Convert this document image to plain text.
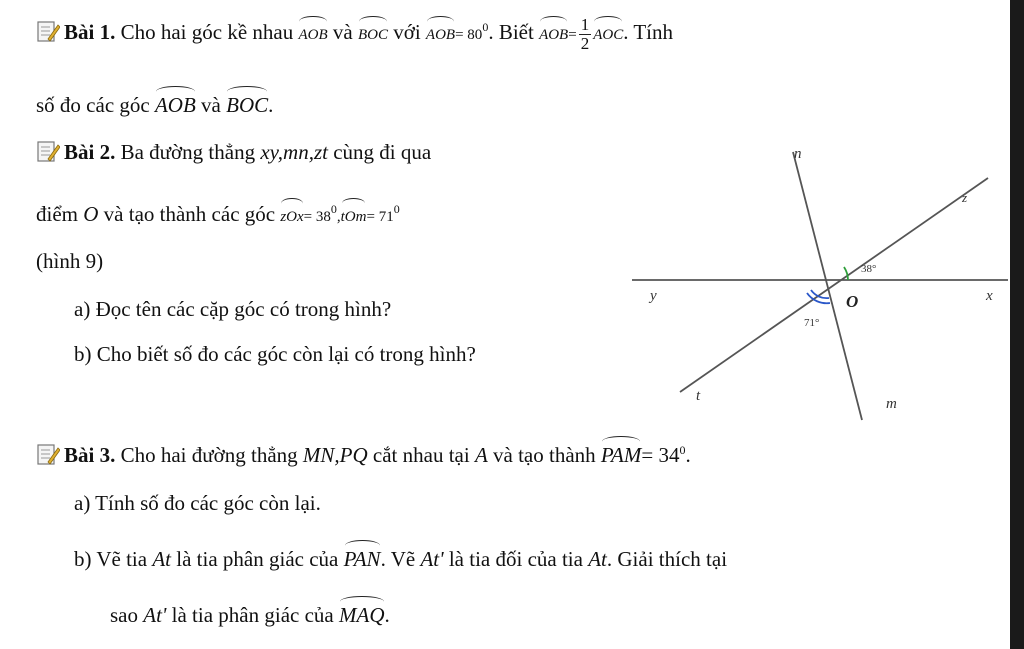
Bài 1. Cho hai góc kề nhau AOB và BOC với $AOB= 80^0$. Biết $AOB= \frac{1}{2}$ AOC. Tính
số đo các góc AOB và BOC.
Bài 2. Ba đường thẳng xy,mn,zt cùng đi qua
điểm O và tạo thành các góc $zOx= 38^0,tOm= 71^0$
(hình 9)
a) Đọc tên các cặp góc có trong hình?
b) Cho biết số đo các góc còn lại có trong hình?
n
z
38°
y	O	x
71°
t	m
Bài 3. Cho hai đường thẳng MN,PQ cắt nhau tại A và tạo thành $PAM= 34^0$.
a) Tính số đo các góc còn lại.
b) Vẽ tia At là tia phân giác của PAN. Vẽ At' là tia đối của tia At. Giải thích tại
sao At' là tia phân giác của MAQ.
